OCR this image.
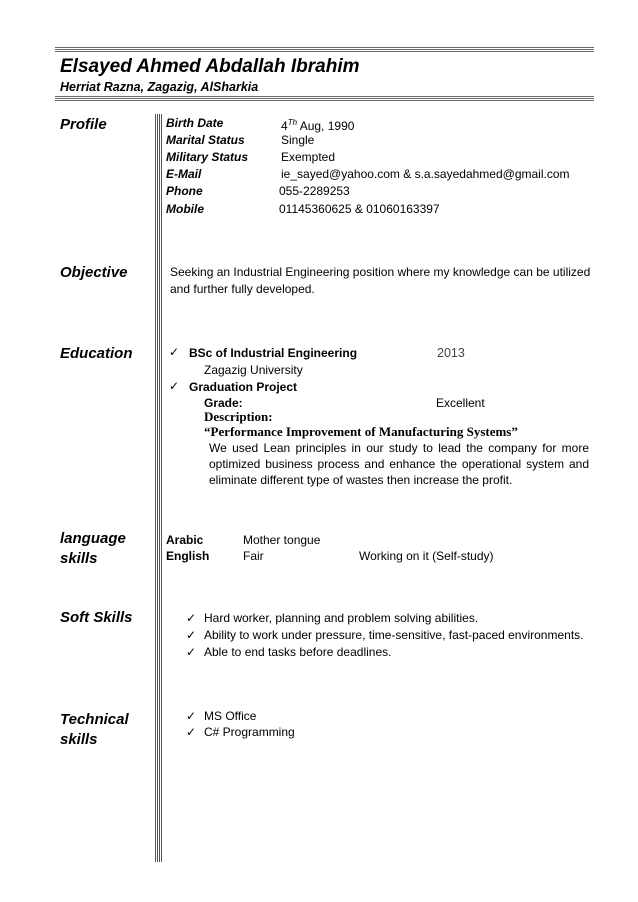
Elsayed Ahmed Abdallah Ibrahim
Herriat Razna, Zagazig, AlSharkia
Profile
Objective
Education
language
skills
Soft Skills
Technical
skills
Birth Date	4Th Aug, 1990
Marital Status	Single
Military Status	Exempted
E-Mail	ie_sayed@yahoo.com & s.a.sayedahmed@gmail.com
Phone	055-2289253
Mobile	01145360625 & 01060163397
Seeking an Industrial Engineering position where my knowledge can be utilized
and further fully developed.
✓ BSc of Industrial Engineering	2013
Zagazig University
✓ Graduation Project
Grade:	Excellent
Description:
“Performance Improvement of Manufacturing Systems”
We used Lean principles in our study to lead the company for more
optimized business process and enhance the operational system and
eliminate different type of wastes then increase the profit.
Arabic	Mother tongue
English	Fair	Working on it (Self-study)
✓ Hard worker, planning and problem solving abilities.
✓ Ability to work under pressure, time-sensitive, fast-paced environments.
✓ Able to end tasks before deadlines.
✓ MS Office
✓ C# Programming
